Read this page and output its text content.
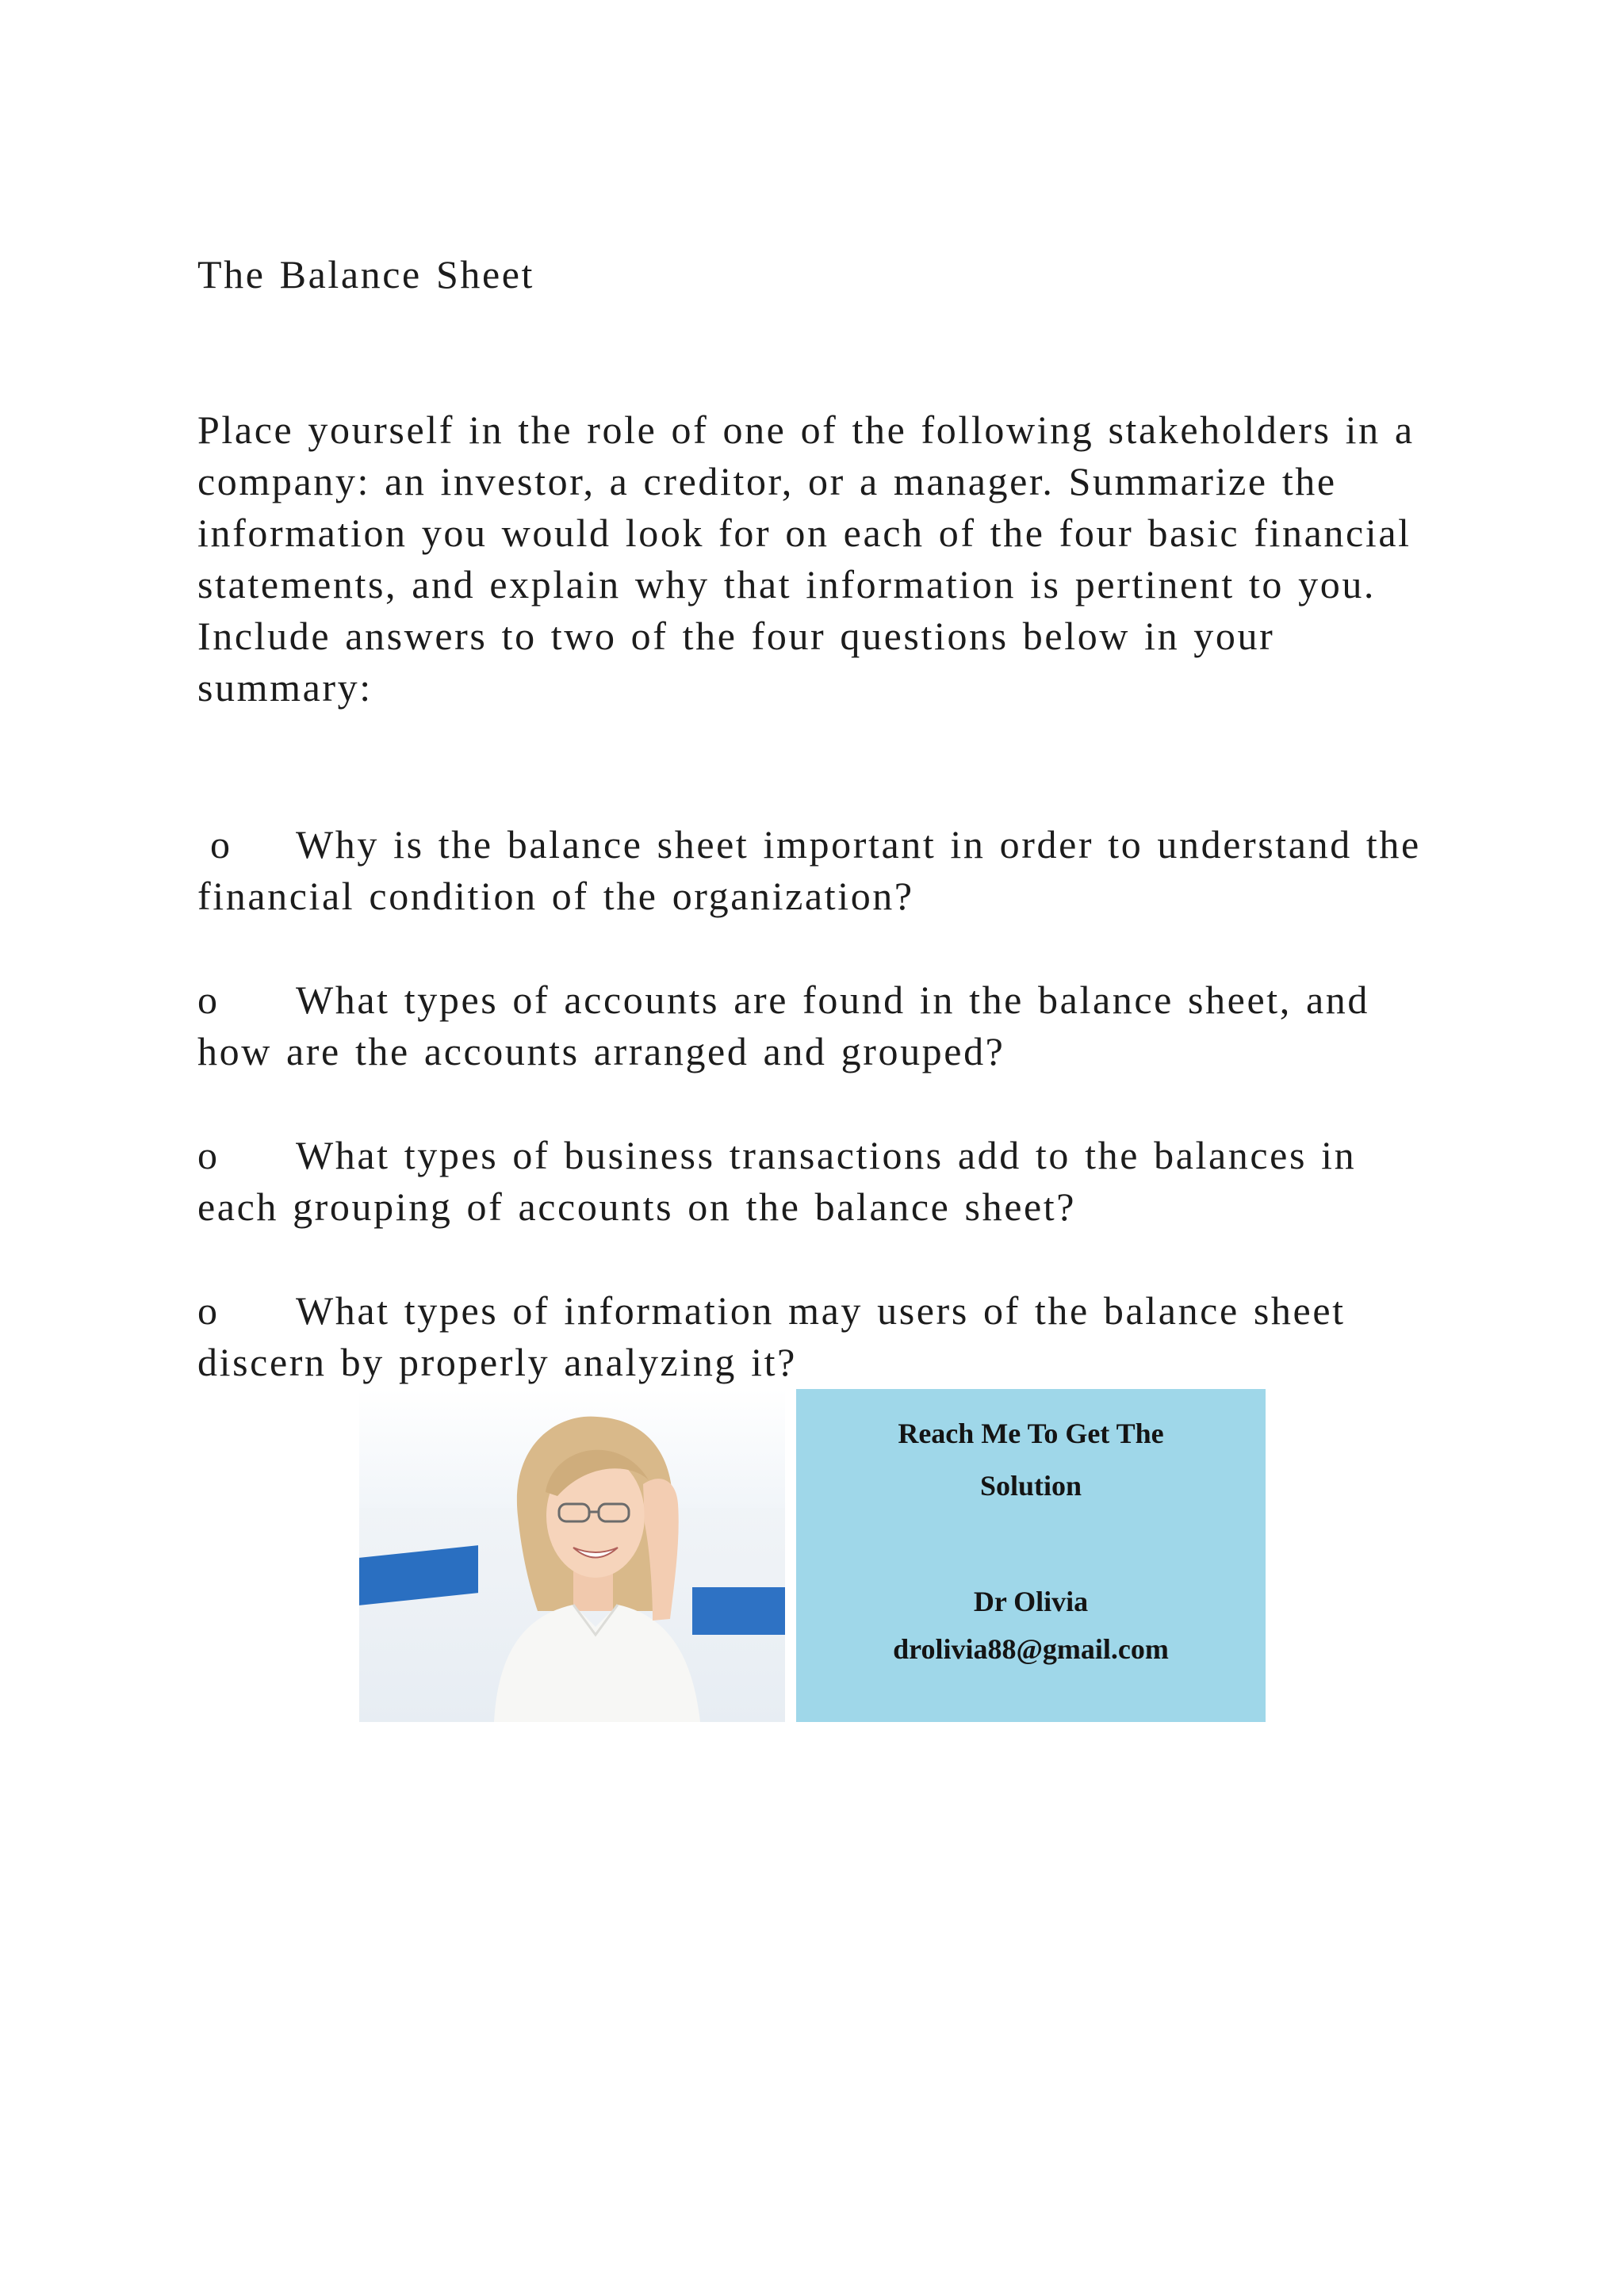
The Balance Sheet
Place yourself in the role of one of the following stakeholders in a company: an investor, a creditor, or a manager. Summarize the information you would look for on each of the four basic financial statements, and explain why that information is pertinent to you. Include answers to two of the four questions below in your summary:
o Why is the balance sheet important in order to understand the financial condition of the organization?
o What types of accounts are found in the balance sheet, and how are the accounts arranged and grouped?
o What types of business transactions add to the balances in each grouping of accounts on the balance sheet?
o What types of information may users of the balance sheet discern by properly analyzing it?
Reach Me To Get The
Solution
Dr Olivia
drolivia88@gmail.com
